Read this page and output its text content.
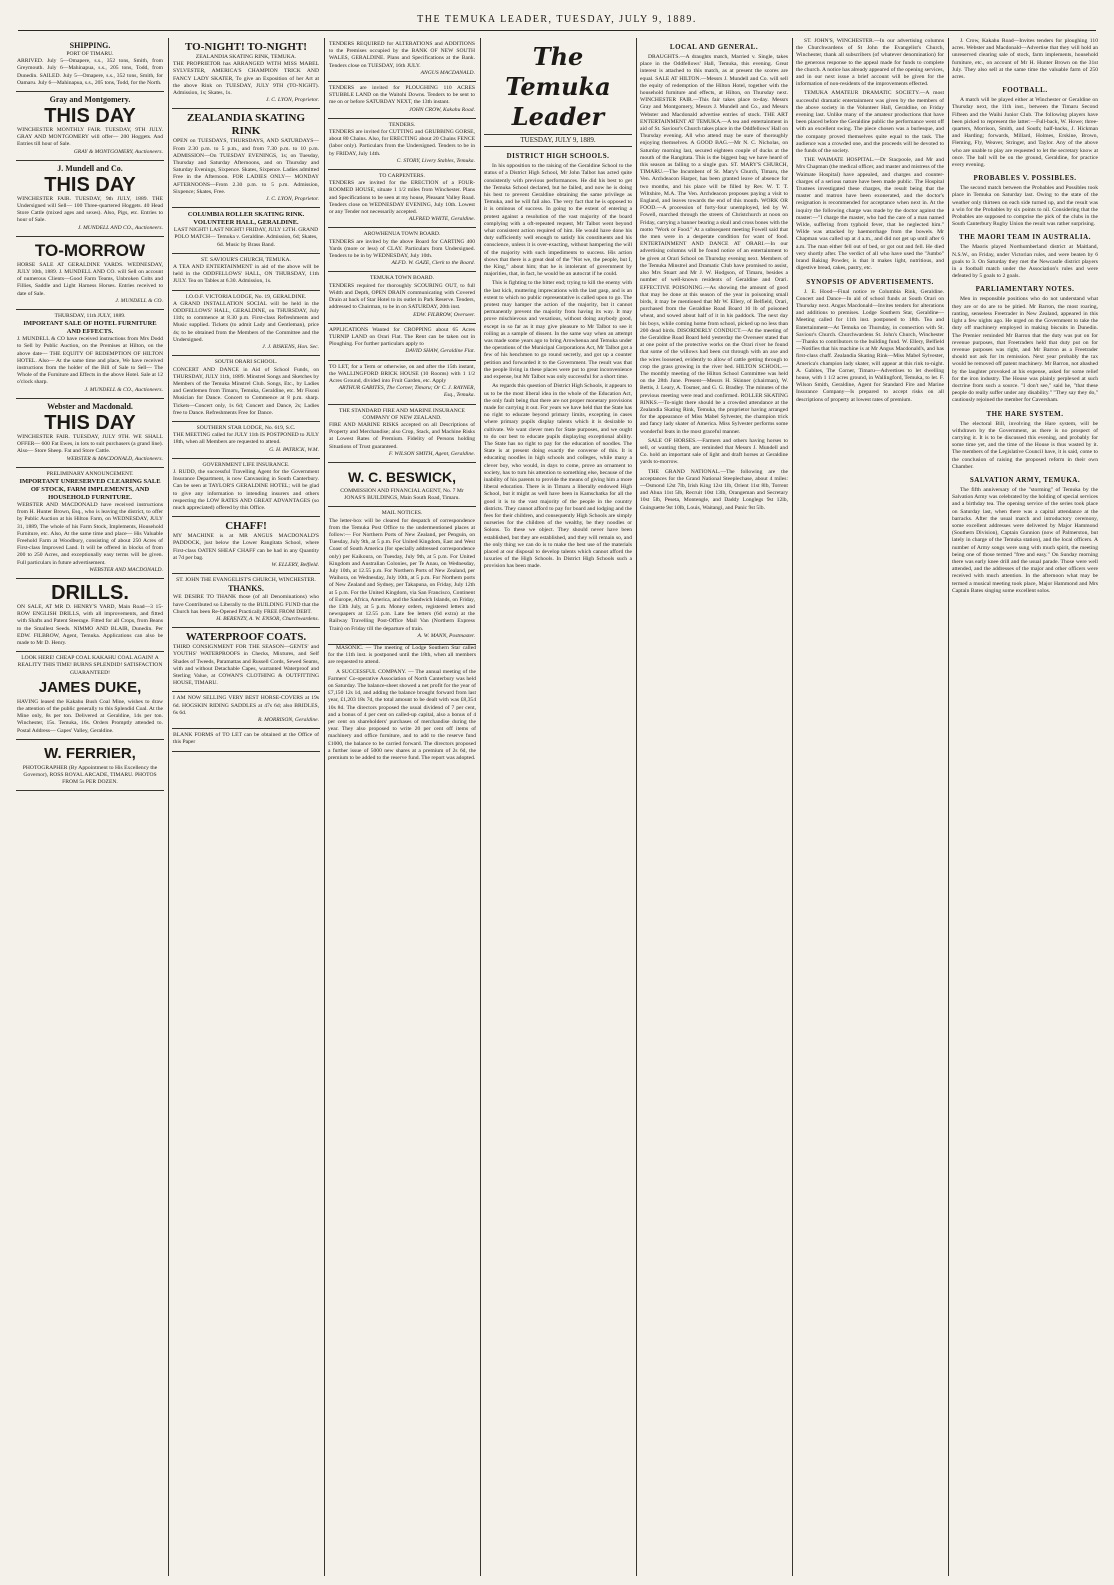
THE TEMUKA LEADER, TUESDAY, JULY 9, 1889.
SHIPPING.
PORT OF TIMARU.
ARRIVED. July 5—Omapere, s.s., 352 tons, Smith, from Greymouth. July 6—Mahinapua, s.s., 205 tons, Todd, from Dunedin. SAILED. July 5—Omapere, s.s., 352 tons, Smith, for Oamaru. July 6—Mahinapua, s.s., 205 tons, Todd, for the North.
Gray and Montgomery.
THIS DAY
WINCHESTER MONTHLY FAIR. TUESDAY, 9TH JULY. GRAY AND MONTGOMERY will offer— 200 Hoggets. And Entries till hour of Sale.
GRAY & MONTGOMERY, Auctioneers.
J. Mundell and Co.
THIS DAY
WINCHESTER FAIR. TUESDAY, 9th JULY, 1889. THE Undersigned will Sell— 100 Three-quartered Hoggets. 40 Head Store Cattle (mixed ages and sexes). Also, Pigs, etc. Entries to hour of Sale.
J. MUNDELL AND CO., Auctioneers.
TO-MORROW
HORSE SALE AT GERALDINE YARDS. WEDNESDAY, JULY 10th, 1889. J. MUNDELL AND CO. will Sell on account of numerous Clients—Good Farm Teams, Unbroken Colts and Fillies, Saddle and Light Harness Horses. Entries received to date of Sale.
J. MUNDELL & CO.
THURSDAY, 11th JULY, 1889.
IMPORTANT SALE OF HOTEL FURNITURE AND EFFECTS.
J. MUNDELL & CO have received instructions from Mrs Dodd to Sell by Public Auction, on the Premises at Hilton, on the above date— THE EQUITY OF REDEMPTION OF HILTON HOTEL. Also— At the same time and place, We have received instructions from the holder of the Bill of Sale to Sell— The Whole of the Furniture and Effects in the above Hotel. Sale at 12 o'clock sharp.
J. MUNDELL & CO., Auctioneers.
Webster and Macdonald.
THIS DAY
WINCHESTER FAIR. TUESDAY, JULY 9TH. WE SHALL OFFER— 600 Fat Ewes, in lots to suit purchasers (a grand line). Also— Store Sheep. Fat and Store Cattle.
WEBSTER & MACDONALD, Auctioneers.
PRELIMINARY ANNOUNCEMENT.
IMPORTANT UNRESERVED CLEARING SALE OF STOCK, FARM IMPLEMENTS, AND HOUSEHOLD FURNITURE.
WEBSTER AND MACDONALD have received instructions from H. Hunter Brown, Esq., who is leaving the district, to offer by Public Auction at his Hilton Farm, on WEDNESDAY, JULY 31, 1889, The whole of his Farm Stock, Implements, Household Furniture, etc. Also, At the same time and place— His Valuable Freehold Farm at Woodbury, consisting of about 250 Acres of First-class Improved Land. It will be offered in blocks of from 200 to 250 Acres, and exceptionally easy terms will be given. Full particulars in future advertisement.
WEBSTER AND MACDONALD.
DRILLS.
ON SALE, AT MR D. HENRY'S YARD, Main Road—3 15-ROW ENGLISH DRILLS, with all improvements, and fitted with Shafts and Patent Steerage. Fitted for all Crops, from Beans to the Smallest Seeds. NIMMO AND BLAIR, Dunedin. Per EDW. FILBROW, Agent, Temuka. Applications can also be made to Mr D. Henry.
LOOK HERE! CHEAP COAL KAKAHU COAL AGAIN! A REALITY THIS TIME! BURNS SPLENDID! SATISFACTION GUARANTEED!
JAMES DUKE,
HAVING leased the Kakahu Bush Coal Mine, wishes to draw the attention of the public generally to this Splendid Coal. At the Mine only, 8s per ton. Delivered at Geraldine, 14s per ton. Winchester, 15s. Temuka, 16s. Orders Promptly attended to. Postal Address— Gapes' Valley, Geraldine.
W. FERRIER,
PHOTOGRAPHER (By Appointment to His Excellency the Governor), ROSS ROYAL ARCADE, TIMARU. PHOTOS FROM 5s PER DOZEN.
TO-NIGHT! TO-NIGHT!
ZEALANDIA SKATING RINK, TEMUKA.
THE PROPRIETOR has ARRANGED WITH MISS MABEL SYLVESTER, AMERICA'S CHAMPION TRICK AND FANCY LADY SKATER, To give an Exposition of her Art at the above Rink on TUESDAY, JULY 9TH (TO-NIGHT). Admission, 1s; Skates, 1s.
J. C. LYON, Proprietor.
ZEALANDIA SKATING RINK
OPEN on TUESDAYS, THURSDAYS, AND SATURDAYS—From 2.30 p.m. to 5 p.m., and from 7.30 p.m. to 10 p.m. ADMISSION—On TUESDAY EVENINGS, 1s; on Tuesday, Thursday and Saturday Afternoons, and on Thursday and Saturday Evenings, Sixpence. Skates, Sixpence. Ladies admitted Free in the Afternoon. FOR LADIES ONLY— MONDAY AFTERNOONS—From 2.30 p.m. to 5 p.m. Admission, Sixpence; Skates, Free.
J. C. LYON, Proprietor.
COLUMBIA ROLLER SKATING RINK. VOLUNTEER HALL, GERALDINE.
LAST NIGHT! LAST NIGHT! FRIDAY, JULY 12TH. GRAND POLO MATCH— Temuka v. Geraldine. Admission, 6d; Skates, 6d. Music by Brass Band.
ST. SAVIOUR'S CHURCH, TEMUKA.
A TEA AND ENTERTAINMENT in aid of the above will be held in the ODDFELLOWS' HALL, ON THURSDAY, 11th JULY. Tea on Tables at 6.30. Admission, 1s.
I.O.O.F. VICTORIA LODGE, No. 19, GERALDINE.
A GRAND INSTALLATION SOCIAL will be held in the ODDFELLOWS' HALL, GERALDINE, on THURSDAY, July 11th; to commence at 8.30 p.m. First-class Refreshments and Music supplied. Tickets (to admit Lady and Gentleman), price 4s; to be obtained from the Members of the Committee and the Undersigned.
J. J. BISKENS, Hon. Sec.
SOUTH ORARI SCHOOL.
CONCERT AND DANCE in Aid of School Funds, on THURSDAY, JULY 11th, 1889. Minstrel Songs and Sketches by Members of the Temuka Minstrel Club. Songs, Etc., by Ladies and Gentlemen from Timaru, Temuka, Geraldine, etc. Mr Fisoni Musician for Dance. Concert to Commence at 8 p.m. sharp. Tickets—Concert only, 1s 6d; Concert and Dance, 2s; Ladies free to Dance. Refreshments Free for Dance.
SOUTHERN STAR LODGE, No. 619, S.C.
THE MEETING called for JULY 11th IS POSTPONED to JULY 18th, when all Members are requested to attend.
G. H. PATRICK, W.M.
GOVERNMENT LIFE INSURANCE.
J. RUDD, the successful Travelling Agent for the Government Insurance Department, is now Canvassing in South Canterbury. Can be seen at TAYLOR'S GERALDINE HOTEL; will be glad to give any information to intending insurers and others respecting the LOW RATES AND GREAT ADVANTAGES (so much appreciated) offered by this Office.
CHAFF!
MY MACHINE is at MR ANGUS MACDONALD'S PADDOCK, just below the Lower Rangitata School, where First-class OATEN SHEAF CHAFF can be had in any Quantity at 7d per bag.
W. ELLERY, Belfield.
ST. JOHN THE EVANGELIST'S CHURCH, WINCHESTER.
THANKS.
WE DESIRE TO THANK those (of all Denominations) who have Contributed so Liberally to the BUILDING FUND that the Church has been Re-Opened Practically FREE FROM DEBT.
H. BERENZY, A. W. ENSOR, Churchwardens.
WATERPROOF COATS.
THIRD CONSIGNMENT FOR THE SEASON—GENTS' and YOUTHS' WATERPROOFS in Checks, Mixtures, and Self Shades of Tweeds, Paramattas and Russell Cords, Sewed Seams, with and without Detachable Capes, warranted Waterproof and Sterling Value, at COWAN'S CLOTHING & OUTFITTING HOUSE, TIMARU.
I AM NOW SELLING VERY BEST HORSE-COVERS at 19s 6d. HOGSKIN RIDING SADDLES at 47s 6d; also BRIDLES, 6s 6d.
R. MORRISON, Geraldine.
BLANK FORMS of TO LET can be obtained at the Office of this Paper
TENDERS REQUIRED for ALTERATIONS and ADDITIONS to the Premises occupied by the BANK OF NEW SOUTH WALES, GERALDINE. Plans and Specifications at the Bank. Tenders close on TUESDAY, 16th JULY.
ANGUS MACDANALD.
TENDERS are invited for PLOUGHING 110 ACRES STUBBLE LAND on the Waitohi Downs. Tenders to be sent to me on or before SATURDAY NEXT, the 13th instant.
JOHN CROW, Kakahu Road.
TENDERS.
TENDERS are invited for CUTTING and GRUBBING GORSE, about 80 Chains. Also, for ERECTING about 20 Chains FENCE (labor only). Particulars from the Undersigned. Tenders to be in by FRIDAY, July 14th.
C. STORY, Livery Stables, Temuka.
TO CARPENTERS.
TENDERS are invited for the ERECTION of a FOUR-ROOMED HOUSE, situate 1 1/2 miles from Winchester. Plans and Specifications to be seen at my house, Pleasant Valley Road. Tenders close on WEDNESDAY EVENING, July 10th. Lowest or any Tender not necessarily accepted.
ALFRED WHITE, Geraldine.
AROWHENUA TOWN BOARD.
TENDERS are invited by the above Board for CARTING 400 Yards (more or less) of CLAY. Particulars from Undersigned. Tenders to be in by WEDNESDAY, July 10th.
ALFD. W. GAZE, Clerk to the Board.
TEMUKA TOWN BOARD.
TENDERS required for thoroughly SCOURING OUT, to full Width and Depth, OPEN DRAIN communicating with Covered Drain at back of Star Hotel to its outlet in Park Reserve. Tenders, addressed to Chairman, to be in on SATURDAY, 20th inst.
EDW. FILBROW, Overseer.
APPLICATIONS Wanted for CROPPING about 65 Acres TURNIP LAND on Orari Flat. The Rent can be taken out in Ploughing. For further particulars apply to
DAVID SHAW, Geraldine Flat.
TO LET, for a Term or otherwise, on and after the 15th instant, the WALLINGFORD BRICK HOUSE (10 Rooms) with 1 1/2 Acres Ground, divided into Fruit Garden, etc. Apply
ARTHUR GABITES, The Corner, Timaru; Or C. J. RAYNER, Esq., Temuka.
THE STANDARD FIRE AND MARINE INSURANCE COMPANY OF NEW ZEALAND.
FIRE AND MARINE RISKS accepted on all Descriptions of Property and Merchandise; also Crop, Stack, and Machine Risks at Lowest Rates of Premium. Fidelity of Persons holding Situations of Trust guaranteed.
F. WILSON SMITH, Agent, Geraldine.
W. C. BESWICK,
COMMISSION AND FINANCIAL AGENT, No. 7 Mr JONAS'S BUILDINGS, Main South Road, Timaru.
MAIL NOTICES.
The letter-box will be cleared for despatch of correspondence from the Temuka Post Office to the undermentioned places at follow:— For Northern Ports of New Zealand, per Penguin, on Tuesday, July 9th, at 5 p.m. For United Kingdom, East and West Coast of South America (for specially addressed correspondence only) per Kaikoura, on Tuesday, July 9th, at 5 p.m. For United Kingdom and Australian Colonies, per Te Anau, on Wednesday, July 10th, at 12.55 p.m. For Northern Ports of New Zealand, per Waihora, on Wednesday, July 10th, at 5 p.m. For Northern ports of New Zealand and Sydney, per Takapuna, on Friday, July 12th at 5 p.m. For the United Kingdom, via San Francisco, Continent of Europe, Africa, America, and the Sandwich Islands, on Friday, the 13th July, at 5 p.m. Money orders, registered letters and newspapers at 12.55 p.m. Late fee letters (6d extra) at the Railway Travelling Post-Office Mail Van (Northern Express Train) on Friday till the departure of train.
A. W. MANN, Postmaster.
MASONIC. — The meeting of Lodge Southern Star called for the 11th inst. is postponed until the 18th, when all members are requested to attend.
A SUCCESSFUL COMPANY. — The annual meeting of the Farmers' Co-operative Association of North Canterbury was held on Saturday. The balance-sheet showed a net profit for the year of £7,150 12s 1d, and adding the balance brought forward from last year, £1,203 18s 7d, the total amount to be dealt with was £8,354 10s 8d. The directors proposed the usual dividend of 7 per cent, and a bonus of 4 per cent on called-up capital, also a bonus of 4 per cent on shareholders' purchases of merchandise during the year. They also proposed to write 20 per cent off items of machinery and office furniture, and to add to the reserve fund £1000, the balance to be carried forward. The directors proposed a further issue of 5000 new shares at a premium of 2s 6d, the premium to be added to the reserve fund. The report was adopted.
The Temuka Leader
TUESDAY, JULY 9, 1889.
DISTRICT HIGH SCHOOLS.
In his opposition to the raising of the Geraldine School to the status of a District High School, Mr John Talbot has acted quite consistently with previous performances. He did his best to get the Temuka School declared, but he failed, and now he is doing his best to prevent Geraldine obtaining the same privilege as Temuka, and he will fail also. The very fact that he is opposed to it is ominous of success. In going to the extent of entering a protest against a resolution of the vast majority of the board complying with a oft-repeated request, Mr Talbot went beyond what consistent action required of him. He would have done his duty sufficiently well enough to satisfy his constituents and his conscience, unless it is over-exacting, without hampering the will of the majority with such impediments to success. His action shows that there is a great deal of the "Not we, the people, but I, the King," about him; that he is intolerant of government by majorities, that, in fact, he would be an autocrat if he could.
This is fighting to the bitter end; trying to kill the enemy with the last kick, muttering imprecations with the last gasp, and is an extent to which no public representative is called upon to go. The protest may hamper the action of the majority, but it cannot permanently prevent the majority from having its way. It may prove mischievous and vexatious, without doing anybody good, except in so far as it may give pleasure to Mr Talbot to see it roiling as a sample of dissent. In the same way when an attempt was made some years ago to bring Arowhenua and Temuka under the operations of the Municipal Corporations Act, Mr Talbot got a few of his henchmen to go round secretly, and got up a counter petition and forwarded it to the Government. The result was that the people living in these places were put to great inconvenience and expense, but Mr Talbot was only successful for a short time.
As regards this question of District High Schools, it appears to us to be the most liberal idea in the whole of the Education Act, the only fault being that there are not proper monetary provisions made for carrying it out. For years we have held that the State has no right to educate beyond primary limits, excepting in cases where primary pupils display talents which it is desirable to cultivate. We want clever men for State purposes, and we ought to do our best to educate pupils displaying exceptional ability. The State has no right to pay for the education of noodles. The State is at present doing exactly the converse of this. It is educating noodles in high schools and colleges, while many a clever boy, who would, in days to come, prove an ornament to society, has to turn his attention to something else, because of the inability of his parents to provide the means of giving him a more liberal education. There is in Timaru a liberally endowed High School, but it might as well have been in Kamschatka for all the good it is to the vast majority of the people in the country districts. They cannot afford to pay for board and lodging and the fees for their children, and consequently High Schools are simply nurseries for the children of the wealthy, be they noodles or Solons. To these we object. They should never have been established, but they are established, and they will remain so, and the only thing we can do is to make the best use of the materials placed at our disposal to develop talents which cannot afford the luxuries of the High Schools. In District High Schools such a provision has been made.
LOCAL AND GENERAL.
DRAUGHTS.—A draughts match, Married v. Single, takes place in the Oddfellows' Hall, Temuka, this evening. Great interest is attached to this match, as at present the scores are equal. SALE AT HILTON.—Messrs J. Mundell and Co. will sell the equity of redemption of the Hilton Hotel, together with the household furniture and effects, at Hilton, on Thursday next. WINCHESTER FAIR.—This fair takes place to-day. Messrs Gray and Montgomery, Messrs J. Mundell and Co., and Messrs Webster and Macdonald advertise entries of stock. THE ART ENTERTAINMENT AT TEMUKA.—A tea and entertainment in aid of St. Saviour's Church takes place in the Oddfellows' Hall on Thursday evening. All who attend may be sure of thoroughly enjoying themselves. A GOOD BAG.—Mr N. C. Nicholas, on Saturday morning last, secured eighteen couple of ducks at the mouth of the Rangitata. This is the biggest bag we have heard of this season as falling to a single gun. ST. MARY'S CHURCH, TIMARU.—The Incumbent of St. Mary's Church, Timaru, the Ven. Archdeacon Harper, has been granted leave of absence for two months, and his place will be filled by Rev. W. T. T. Wiltshire, M.A. The Ven. Archdeacon proposes paying a visit to England, and leaves towards the end of this month. WORK OR FOOD.—A procession of forty-four unemployed, led by W. Fowell, marched through the streets of Christchurch at noon on Friday, carrying a banner bearing a skull and cross bones with the motto "Work or Food." At a subsequent meeting Fowell said that the men were in a desperate condition for want of food. ENTERTAINMENT AND DANCE AT ORARI.—In our advertising columns will be found notice of an entertainment to be given at Orari School on Thursday evening next. Members of the Temuka Minstrel and Dramatic Club have promised to assist, also Mrs Stuart and Mr J. W. Hodgson, of Timaru, besides a number of well-known residents of Geraldine and Orari. EFFECTIVE POISONING.—As showing the amount of good that may be done at this season of the year in poisoning small birds, it may be mentioned that Mr W. Ellery, of Belfield, Orari, purchased from the Geraldine Road Board 10 lb of poisoned wheat, and sowed about half of it in his paddock. The next day his boys, while coming home from school, picked up no less than 200 dead birds. DISORDERLY CONDUCT.—At the meeting of the Geraldine Road Board held yesterday the Overseer stated that at one point of the protective works on the Orari river he found that some of the willows had been cut through with an axe and the wires loosened, evidently to allow of cattle getting through to crop the grass growing in the river bed. HILTON SCHOOL.—The monthly meeting of the Hilton School Committee was held on the 28th June. Present—Messrs H. Skinner (chairman), W. Bettis, J. Leary, A. Tosmer, and G. G. Bradley. The minutes of the previous meeting were read and confirmed. ROLLER SKATING RINKS.—To-night there should be a crowded attendance at the Zealandia Skating Rink, Temuka, the proprietor having arranged for the appearance of Miss Mabel Sylvester, the champion trick and fancy lady skater of America. Miss Sylvester performs some wonderful feats in the most graceful manner.
SALE OF HORSES.—Farmers and others having horses to sell, or wanting them, are reminded that Messrs J. Mundell and Co. hold an important sale of light and draft horses at Geraldine yards to-morrow.
THE GRAND NATIONAL.—The following are the acceptances for the Grand National Steeplechase, about 4 miles:—Osmond 12st 7lb, Irish King 12st 1lb, Orient 11st 8lb, Torrent and Ahua 11st 5lb, Recruit 10st 13lb, Orangeman and Secretary 10st 5lb, Peseta, Montengle, and Daddy Longlegs 9st 12lb, Guinguette 9st 10lb, Louis, Waitangi, and Panic 9st 5lb.
ST. JOHN'S, WINCHESTER.—In our advertising columns the Churchwardens of St John the Evangelist's Church, Winchester, thank all subscribers (of whatever denomination) for the generous response to the appeal made for funds to complete the church. A notice has already appeared of the opening services, and in our next issue a brief account will be given for the information of non-residents of the improvements effected.
TEMUKA AMATEUR DRAMATIC SOCIETY.—A most successful dramatic entertainment was given by the members of the above society in the Volunteer Hall, Geraldine, on Friday evening last. Unlike many of the amateur productions that have been placed before the Geraldine public the performance went off with an excellent swing. The piece chosen was a burlesque, and the company proved themselves quite equal to the task. The audience was a crowded one, and the proceeds will be devoted to the funds of the society.
THE WAIMATE HOSPITAL.—Dr Stacpoole, and Mr and Mrs Chapman (the medical officer, and master and mistress of the Waimate Hospital) have appealed, and charges and counter-charges of a serious nature have been made public. The Hospital Trustees investigated these charges, the result being that the master and matron have been exonerated, and the doctor's resignation is recommended for acceptance when next in. At the inquiry the following charge was made by the doctor against the master:—"I charge the master, who had the care of a man named Wilde, suffering from typhoid fever, that he neglected him." Wilde was attacked by haemorrhage from the bowels. Mr Chapman was called up at 4 a.m., and did not get up until after 6 a.m. The man either fell out of bed, or got out and fell. He died very shortly after. The verdict of all who have used the "Jumbo" brand Baking Powder, is that it makes light, nutritious, and digestive bread, cakes, pastry, etc.
SYNOPSIS OF ADVERTISEMENTS.
J. E. Hood—Final notice re Columbia Rink, Geraldine. Concert and Dance—In aid of school funds at South Orari on Thursday next. Angus Macdonald—Invites tenders for alterations and additions to premises. Lodge Southern Star, Geraldine—Meeting called for 11th inst. postponed to 18th. Tea and Entertainment—At Temuka on Thursday, in connection with St. Saviour's Church. Churchwardens St. John's Church, Winchester—Thanks to contributors to the building fund. W. Ellery, Belfield—Notifies that his machine is at Mr Angus Macdonald's, and has first-class chaff. Zealandia Skating Rink—Miss Mabel Sylvester, America's champion lady skater, will appear at this rink to-night. A. Gabites, The Corner, Timaru—Advertises to let dwelling house, with 1 1/2 acres ground, in Wallingford, Temuka, to let. F. Wilson Smith, Geraldine, Agent for Standard Fire and Marine Insurance Company—Is prepared to accept risks on all descriptions of property at lowest rates of premium.
J. Crow, Kakahu Road—Invites tenders for ploughing 110 acres. Webster and Macdonald—Advertise that they will hold an unreserved clearing sale of stock, farm implements, household furniture, etc., on account of Mr H. Hunter Brown on the 31st July. They also sell at the same time the valuable farm of 250 acres.
FOOTBALL.
A match will be played either at Winchester or Geraldine on Thursday next, the 11th inst., between the Timaru Second Fifteen and the Waihi Junior Club. The following players have been picked to represent the latter:—Full-back, W. Howe; three-quarters, Morrison, Smith, and South; half-backs, J. Hickman and Harding; forwards, Millard, Holmes, Erskine, Brown, Fleming, Fly, Weaver, Stringer, and Taylor. Any of the above who are unable to play are requested to let the secretary know at once. The ball will be on the ground, Geraldine, for practice every evening.
PROBABLES V. POSSIBLES.
The second match between the Probables and Possibles took place in Temuka on Saturday last. Owing to the state of the weather only thirteen on each side turned up, and the result was a win for the Probables by six points to nil. Considering that the Probables are supposed to comprise the pick of the clubs in the South Canterbury Rugby Union the result was rather surprising.
THE MAORI TEAM IN AUSTRALIA.
The Maoris played Northumberland district at Maitland, N.S.W., on Friday, under Victorian rules, and were beaten by 6 goals to 3. On Saturday they met the Newcastle district players in a football match under the Association's rules and were defeated by 5 goals to 2 goals.
PARLIAMENTARY NOTES.
Men in responsible positions who do not understand what they are or do are to be pitied. Mr Barron, the most roaring, ranting, senseless Freetrader in New Zealand, appeared in this light a few nights ago. He urged on the Government to take the duty off machinery employed in making biscuits in Dunedin. The Premier reminded Mr Barron that the duty was put on for revenue purposes, that Freetraders held that duty put on for revenue purposes was right, and Mr Barron as a Freetrader should not ask for its remission. Next year probably the tax would be removed off patent machinery. Mr Barron, not abashed by the laughter provoked at his expense, asked for some relief for the iron industry. The House was plainly perplexed at such doctrine from such a source. "I don't see," said he, "that these people do really suffer under any disability." "They say they do," cautiously rejoined the member for Caversham.
THE HARE SYSTEM.
The electoral Bill, involving the Hare system, will be withdrawn by the Government, as there is no prospect of carrying it. It is to be discussed this evening, and probably for some time yet, and the time of the House is thus wasted by it. The members of the Legislative Council have, it is said, come to the conclusion of raising the proposed reform in their own Chamber.
SALVATION ARMY, TEMUKA.
The fifth anniversary of the "storming" of Temuka by the Salvation Army was celebrated by the holding of special services and a birthday tea. The opening service of the series took place on Saturday last, when there was a capital attendance at the barracks. After the usual march and introductory ceremony, some excellent addresses were delivered by Major Hammond (Southern Division), Captain Gunnion (now of Palmerston, but lately in charge of the Temuka station), and the local officers. A number of Army songs were sung with much spirit, the meeting being one of those termed "free and easy." On Sunday morning there was early knee drill and the usual parade. Those were well attended, and the addresses of the major and other officers were received with much attention. In the afternoon what may be termed a musical meeting took place, Major Hammond and Mrs Captain Bates singing some excellent solos.
